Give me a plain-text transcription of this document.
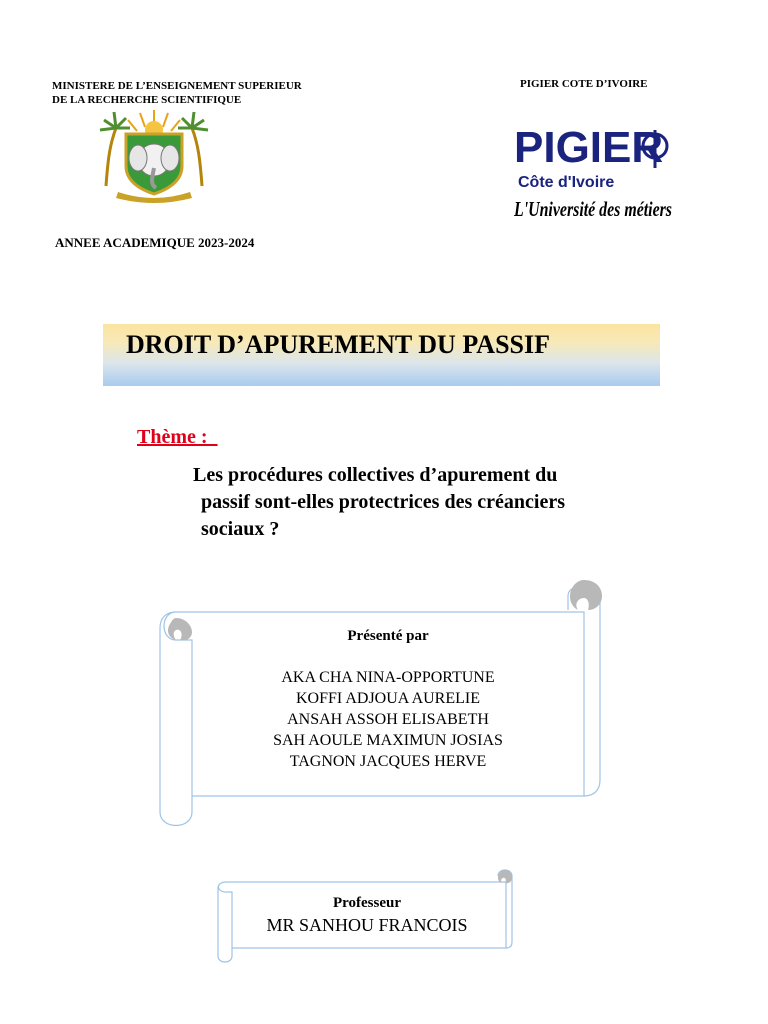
MINISTERE DE L’ENSEIGNEMENT SUPERIEUR
DE LA RECHERCHE SCIENTIFIQUE
PIGIER COTE D’IVOIRE
PIGIER
Côte d'Ivoire
L'Université des métiers
ANNEE ACADEMIQUE 2023-2024
DROIT D’APUREMENT DU PASSIF
Thème :
Les procédures collectives d’apurement du
passif sont-elles protectrices des créanciers
sociaux ?
Présenté par
AKA CHA NINA-OPPORTUNE
KOFFI ADJOUA AURELIE
ANSAH ASSOH ELISABETH
SAH AOULE MAXIMUN JOSIAS
TAGNON JACQUES HERVE
Professeur
MR SANHOU FRANCOIS
